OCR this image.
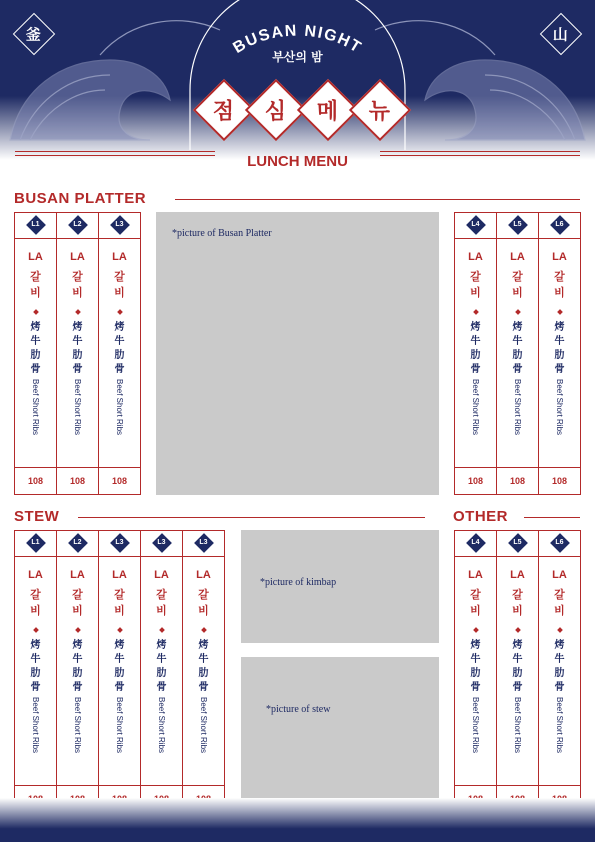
釜	山
BUSAN NIGHT
부산의 밤
점 심 메 뉴
LUNCH MENU
BUSAN PLATTER
L1
LA
갈
비
烤
牛
肋
骨
Beef Short Ribs
108
L2
LA
갈
비
烤
牛
肋
骨
Beef Short Ribs
108
L3
LA
갈
비
烤
牛
肋
骨
Beef Short Ribs
108
*picture of Busan Platter
L4
LA
갈
비
烤
牛
肋
骨
Beef Short Ribs
108
L5
LA
갈
비
烤
牛
肋
骨
Beef Short Ribs
108
L6
LA
갈
비
烤
牛
肋
骨
Beef Short Ribs
108
STEW	OTHER
L1
LA
갈
비
烤
牛
肋
骨
Beef Short Ribs
L2
LA
갈
비
烤
牛
肋
骨
Beef Short Ribs
L3
LA
갈
비
烤
牛
肋
骨
Beef Short Ribs
L3
LA
갈
비
烤
牛
肋
骨
Beef Short Ribs
L3
LA
갈
비
烤
牛
肋
骨
Beef Short Ribs
*picture of kimbap
*picture of stew
L4
LA
갈
비
烤
牛
肋
骨
Beef Short Ribs
L5
LA
갈
비
烤
牛
肋
骨
Beef Short Ribs
L6
LA
갈
비
烤
牛
肋
骨
Beef Short Ribs
